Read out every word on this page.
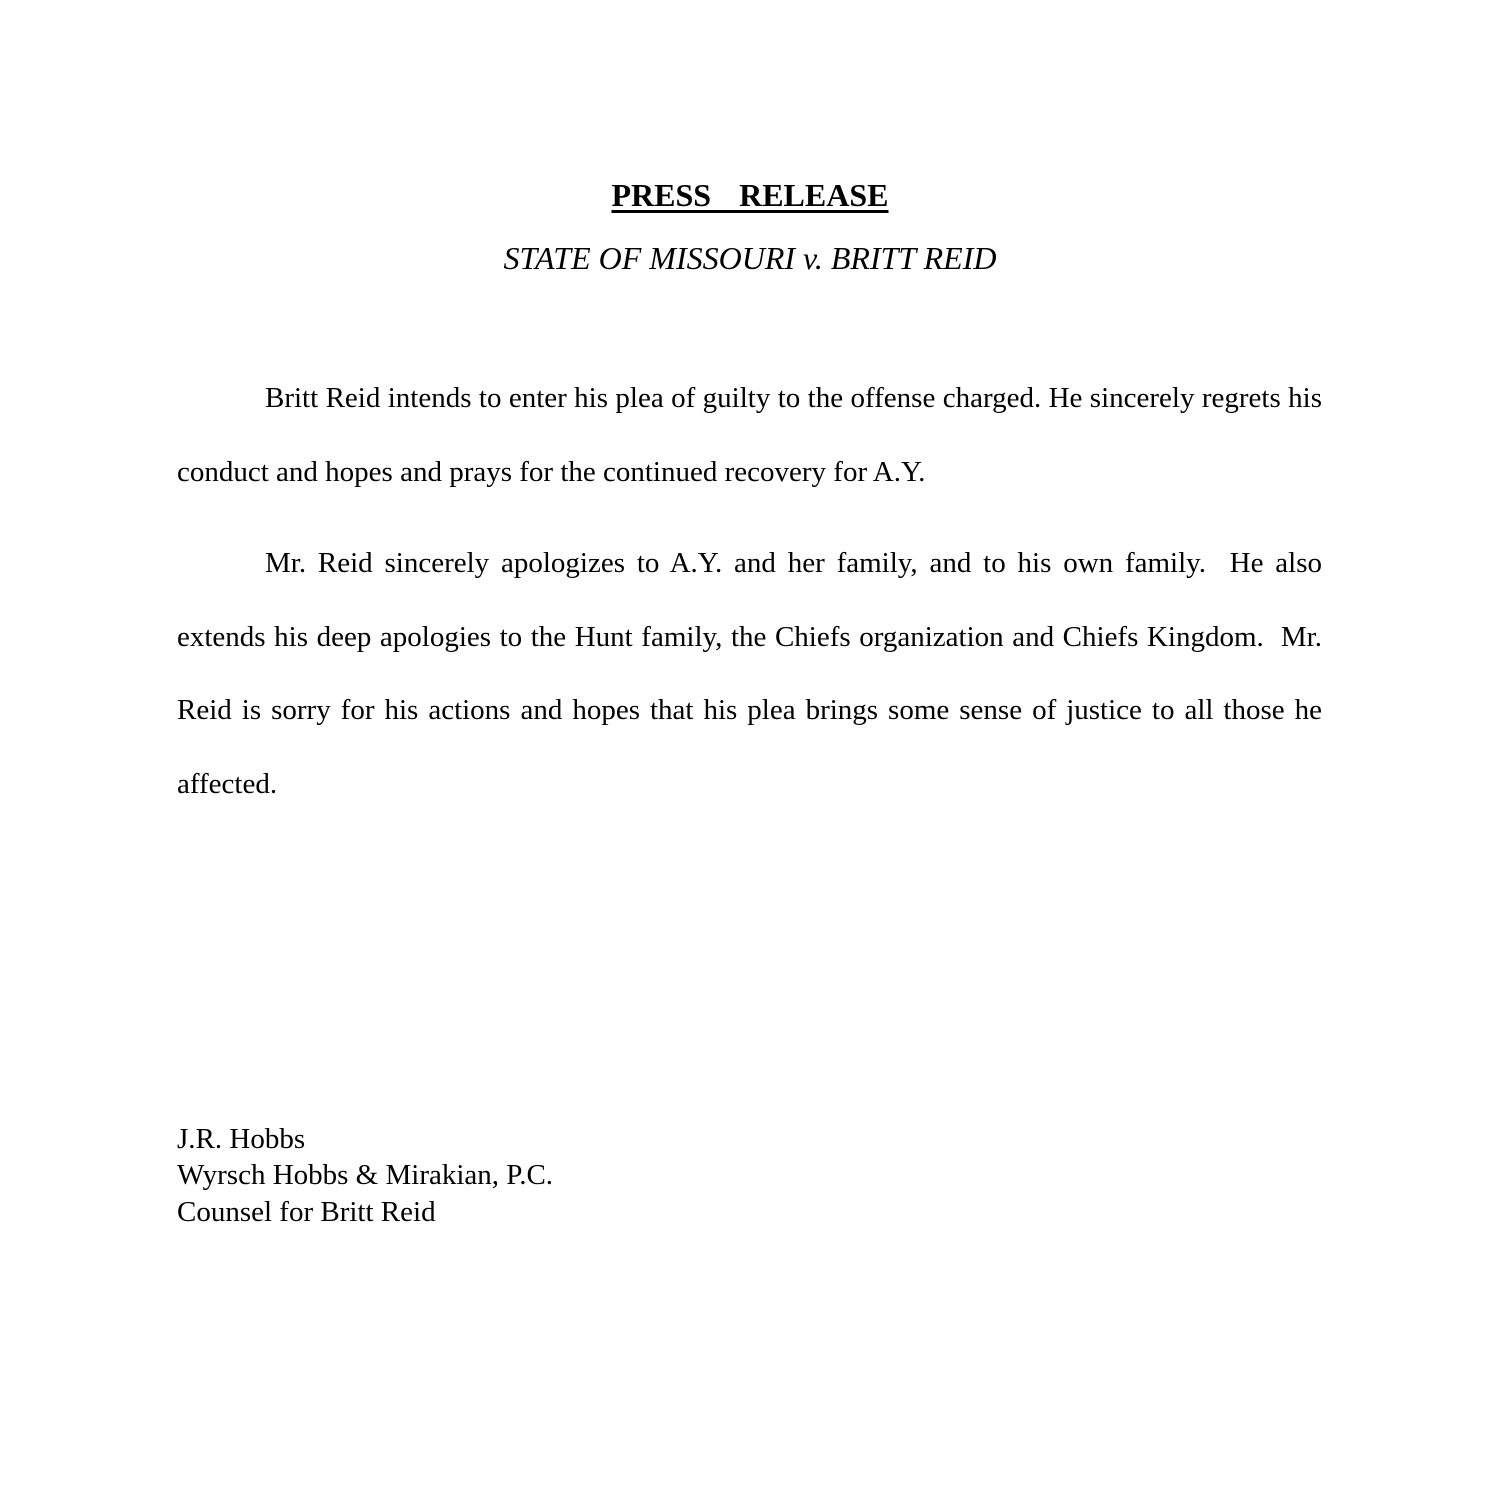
PRESS  RELEASE
STATE OF MISSOURI v. BRITT REID

Britt Reid intends to enter his plea of guilty to the offense charged. He sincerely regrets his conduct and hopes and prays for the continued recovery for A.Y.

Mr. Reid sincerely apologizes to A.Y. and her family, and to his own family.  He also extends his deep apologies to the Hunt family, the Chiefs organization and Chiefs Kingdom.  Mr. Reid is sorry for his actions and hopes that his plea brings some sense of justice to all those he affected.

J.R. Hobbs
Wyrsch Hobbs & Mirakian, P.C.
Counsel for Britt Reid
